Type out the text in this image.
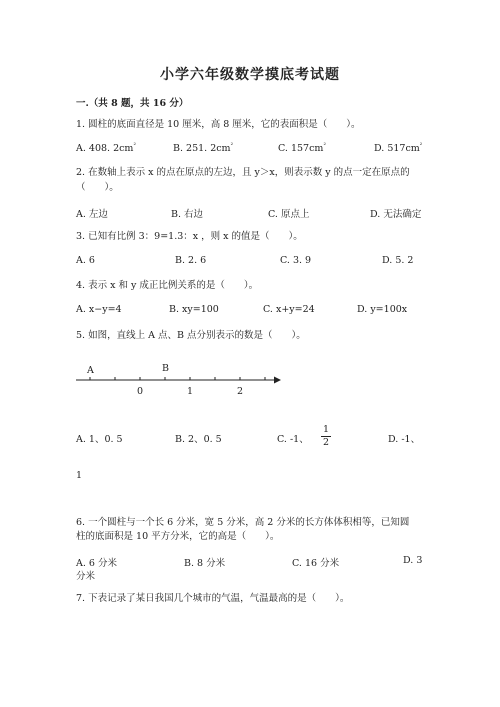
小学六年级数学摸底考试题
一.（共 8 题，共 16 分）
1. 圆柱的底面直径是 10 厘米，高 8 厘米，它的表面积是（　　）。
A. 408. $2cm^{^2}$	B. 251. $2cm^{^2}$	C. $157cm^{^2}$	D. $517cm^{^2}$
2. 在数轴上表示 x 的点在原点的左边，且 y＞x，则表示数 y 的点一定在原点的
（　　）。
A. 左边	B. 右边	C. 原点上	D. 无法确定
3. 已知有比例 3：9=1.3：x ，则 x 的值是（　　）。
A. 6	B. 2. 6	C. 3. 9	D. 5. 2
4. 表示 x 和 y 成正比例关系的是（　　）。
A. x−y=4	B. xy=100	C. x+y=24	D. y=100x
5. 如图，直线上 A 点、B 点分别表示的数是（　　）。
A	B
0	1	2
A. 1、0. 5	B. 2、0. 5	C. -1、
1
2	D. -1、
1
6. 一个圆柱与一个长 6 分米，宽 5 分米，高 2 分米的长方体体积相等，已知圆
柱的底面积是 10 平方分米，它的高是（　　）。
A. 6 分米	B. 8 分米	C. 16 分米	D. 3
分米
7. 下表记录了某日我国几个城市的气温，气温最高的是（　　）。
